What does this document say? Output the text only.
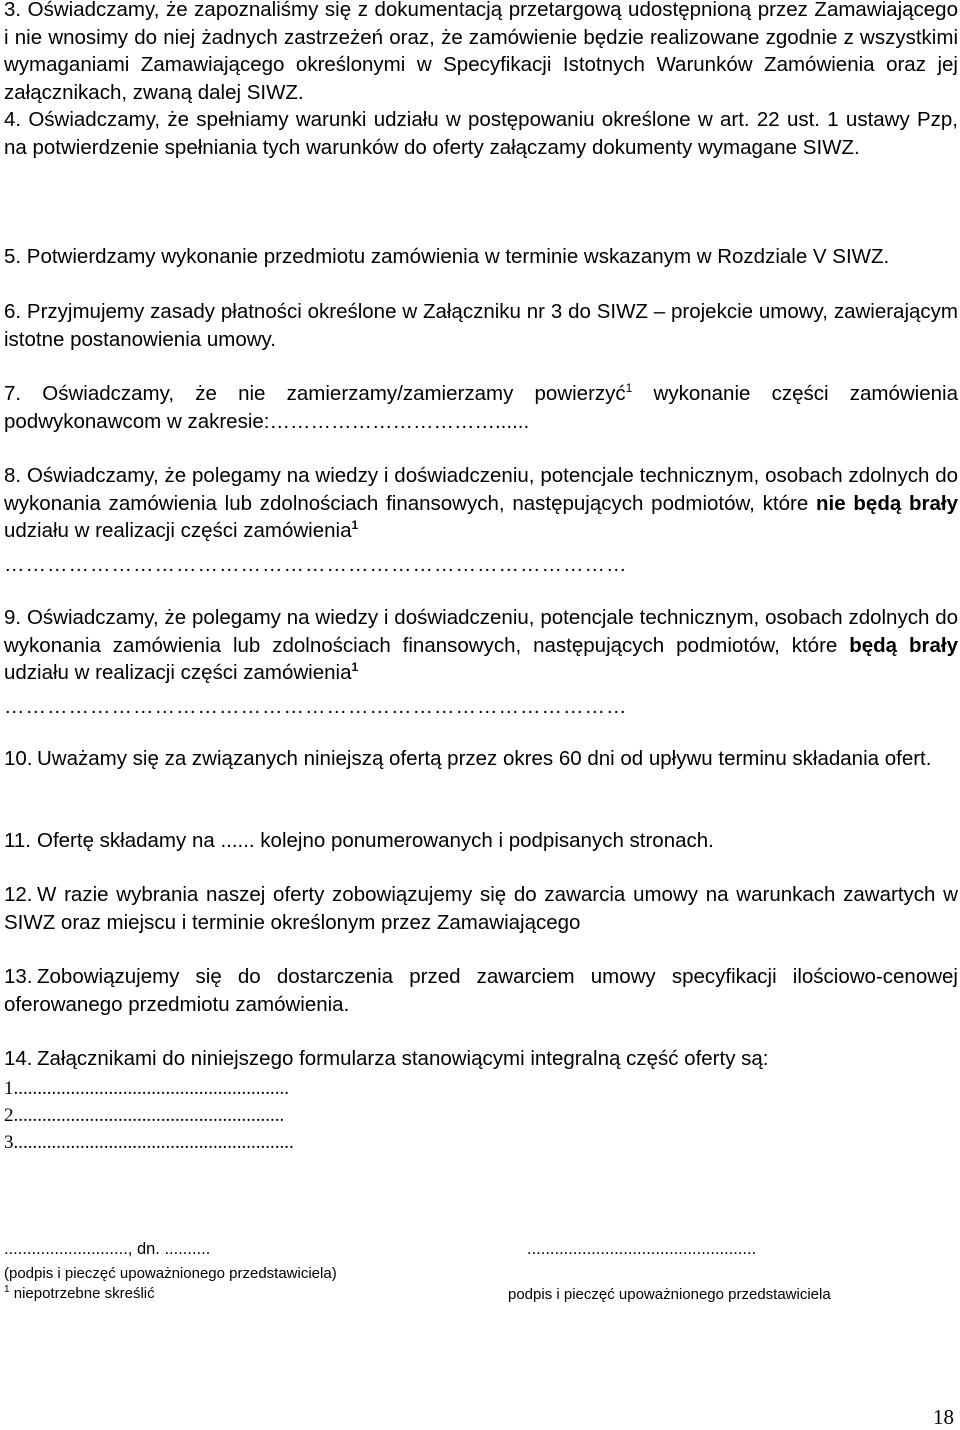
3. Oświadczamy, że zapoznaliśmy się z dokumentacją przetargową udostępnioną przez Zamawiającego i nie wnosimy do niej żadnych zastrzeżeń oraz, że zamówienie będzie realizowane zgodnie z wszystkimi wymaganiami Zamawiającego określonymi w Specyfikacji Istotnych Warunków Zamówienia oraz jej załącznikach, zwaną dalej SIWZ.

4. Oświadczamy, że spełniamy warunki udziału w postępowaniu określone w art. 22 ust. 1 ustawy Pzp, na potwierdzenie spełniania tych warunków do oferty załączamy dokumenty wymagane SIWZ.

5. Potwierdzamy wykonanie przedmiotu zamówienia w terminie wskazanym w Rozdziale V SIWZ.

6. Przyjmujemy zasady płatności określone w Załączniku nr 3 do SIWZ – projekcie umowy, zawierającym istotne postanowienia umowy.

7. Oświadczamy, że nie zamierzamy/zamierzamy powierzyć$^1$ wykonanie części zamówienia podwykonawcom w zakresie:……………………………......

8. Oświadczamy, że polegamy na wiedzy i doświadczeniu, potencjale technicznym, osobach zdolnych do wykonania zamówienia lub zdolnościach finansowych, następujących podmiotów, które nie będą brały udziału w realizacji części zamówienia$^1$

……………………………………………………………………………

9. Oświadczamy, że polegamy na wiedzy i doświadczeniu, potencjale technicznym, osobach zdolnych do wykonania zamówienia lub zdolnościach finansowych, następujących podmiotów, które będą brały udziału w realizacji części zamówienia$^1$

……………………………………………………………………………

10. Uważamy się za związanych niniejszą ofertą przez okres 60 dni od upływu terminu składania ofert.

11. Ofertę składamy na ...... kolejno ponumerowanych i podpisanych stronach.

12. W razie wybrania naszej oferty zobowiązujemy się do zawarcia umowy na warunkach zawartych w SIWZ oraz miejscu i terminie określonym przez Zamawiającego

13. Zobowiązujemy się do dostarczenia przed zawarciem umowy specyfikacji ilościowo-cenowej oferowanego przedmiotu zamówienia.

14. Załącznikami do niniejszego formularza stanowiącymi integralną część oferty są:

1..........................................................

2.........................................................

3...........................................................

..........................., dn. ..........	..................................................

(podpis i pieczęć upoważnionego przedstawiciela)

$^1$ niepotrzebne skreślić	podpis i pieczęć upoważnionego przedstawiciela

18
